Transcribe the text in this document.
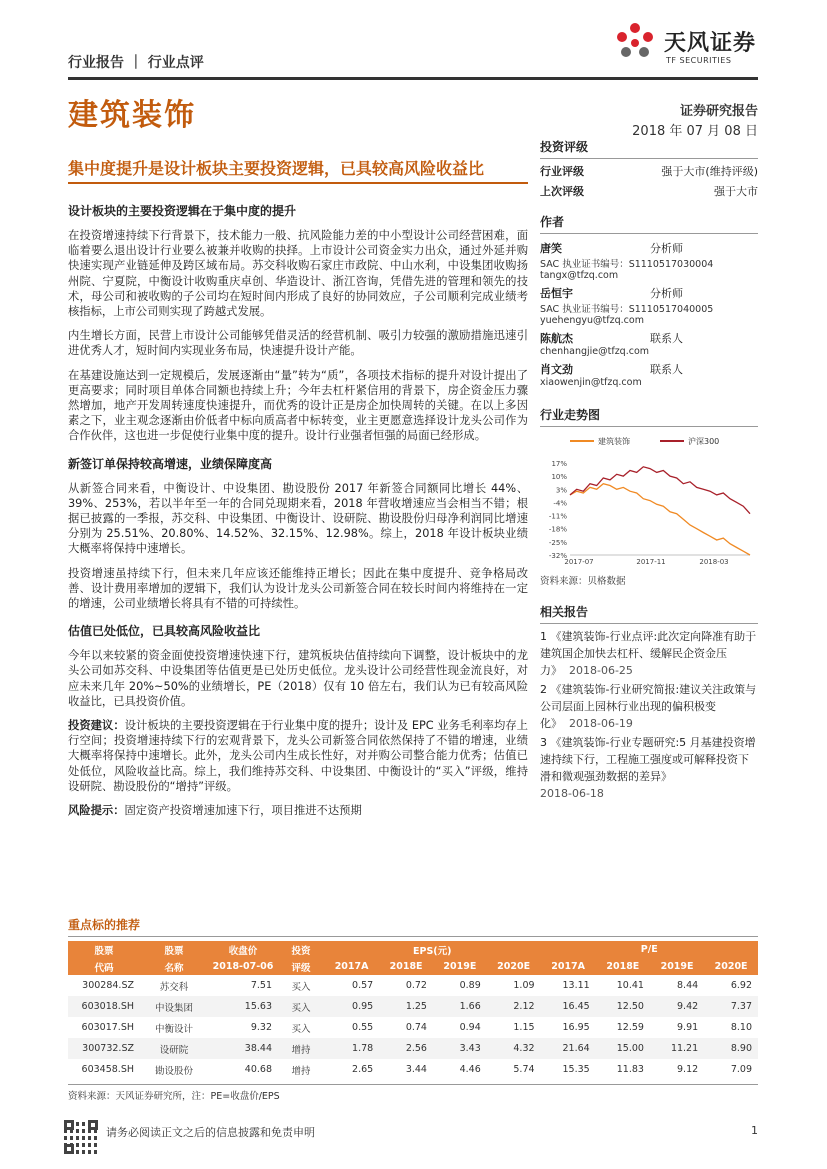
天风证券
TF SECURITIES
行业报告 ｜ 行业点评
建筑装饰	证券研究报告
2018 年 07 月 08 日
集中度提升是设计板块主要投资逻辑，已具较高风险收益比
设计板块的主要投资逻辑在于集中度的提升

在投资增速持续下行背景下，技术能力一般、抗风险能力差的中小型设计公司经营困难，面临着要么退出设计行业要么被兼并收购的抉择。上市设计公司资金实力出众，通过外延并购快速实现产业链延伸及跨区域布局。苏交科收购石家庄市政院、中山水利，中设集团收购扬州院、宁夏院，中衡设计收购重庆卓创、华造设计、浙江咨询，凭借先进的管理和领先的技术，母公司和被收购的子公司均在短时间内形成了良好的协同效应，子公司顺利完成业绩考核指标，上市公司则实现了跨越式发展。

内生增长方面，民营上市设计公司能够凭借灵活的经营机制、吸引力较强的激励措施迅速引进优秀人才，短时间内实现业务布局，快速提升设计产能。

在基建设施达到一定规模后，发展逐渐由“量”转为“质”，各项技术指标的提升对设计提出了更高要求；同时项目单体合同额也持续上升；今年去杠杆紧信用的背景下，房企资金压力骤然增加，地产开发周转速度快速提升，而优秀的设计正是房企加快周转的关键。在以上多因素之下，业主观念逐渐由价低者中标向质高者中标转变，业主更愿意选择设计龙头公司作为合作伙伴，这也进一步促使行业集中度的提升。设计行业强者恒强的局面已经形成。

新签订单保持较高增速，业绩保障度高

从新签合同来看，中衡设计、中设集团、勘设股份 2017 年新签合同额同比增长 44%、39%、253%，若以半年至一年的合同兑现期来看，2018 年营收增速应当会相当不错；根据已披露的一季报，苏交科、中设集团、中衡设计、设研院、勘设股份归母净利润同比增速分别为 25.51%、20.80%、14.52%、32.15%、12.98%。综上，2018 年设计板块业绩大概率将保持中速增长。

投资增速虽持续下行，但未来几年应该还能维持正增长；因此在集中度提升、竞争格局改善、设计费用率增加的逻辑下，我们认为设计龙头公司新签合同在较长时间内将维持在一定的增速，公司业绩增长将具有不错的可持续性。

估值已处低位，已具较高风险收益比

今年以来较紧的资金面使投资增速快速下行，建筑板块估值持续向下调整，设计板块中的龙头公司如苏交科、中设集团等估值更是已处历史低位。龙头设计公司经营性现金流良好，对应未来几年 20%~50%的业绩增长，PE（2018）仅有 10 倍左右，我们认为已有较高风险收益比，已具投资价值。

投资建议：设计板块的主要投资逻辑在于行业集中度的提升；设计及 EPC 业务毛利率均存上行空间；投资增速持续下行的宏观背景下，龙头公司新签合同依然保持了不错的增速，业绩大概率将保持中速增长。此外，龙头公司内生成长性好，对并购公司整合能力优秀；估值已处低位，风险收益比高。综上，我们维持苏交科、中设集团、中衡设计的“买入”评级，维持设研院、勘设股份的“增持”评级。

风险提示：固定资产投资增速加速下行，项目推进不达预期

投资评级
行业评级	强于大市(维持评级)
上次评级	强于大市
作者
唐笑	分析师
SAC 执业证书编号：S1110517030004
tangx@tfzq.com
岳恒宇	分析师
SAC 执业证书编号：S1110517040005
yuehengyu@tfzq.com
陈航杰	联系人
chenhangjie@tfzq.com
肖文劲	联系人
xiaowenjin@tfzq.com
行业走势图
建筑装饰	沪深300
17%
10%
3%
-4%
-11%
-18%
-25%
-32%
2017-07	2017-11	2018-03
资料来源：贝格数据
相关报告
1 《建筑装饰-行业点评:此次定向降准有助于建筑国企加快去杠杆、缓解民企资金压力》 2018-06-25
2 《建筑装饰-行业研究简报:建议关注政策与公司层面上园林行业出现的偏积极变化》 2018-06-19
3 《建筑装饰-行业专题研究:5 月基建投资增速持续下行，工程施工强度或可解释投资下滑和微观强劲数据的差异》
2018-06-18
重点标的推荐
股票	股票	收盘价	投资	EPS(元)				P/E			
代码	名称	2018-07-06	评级	2017A	2018E	2019E	2020E	2017A	2018E	2019E	2020E
300284.SZ	苏交科	7.51	买入	0.57	0.72	0.89	1.09	13.11	10.41	8.44	6.92
603018.SH	中设集团	15.63	买入	0.95	1.25	1.66	2.12	16.45	12.50	9.42	7.37
603017.SH	中衡设计	9.32	买入	0.55	0.74	0.94	1.15	16.95	12.59	9.91	8.10
300732.SZ	设研院	38.44	增持	1.78	2.56	3.43	4.32	21.64	15.00	11.21	8.90
603458.SH	勘设股份	40.68	增持	2.65	3.44	4.46	5.74	15.35	11.83	9.12	7.09
资料来源：天风证券研究所，注：PE=收盘价/EPS
请务必阅读正文之后的信息披露和免责申明	1
